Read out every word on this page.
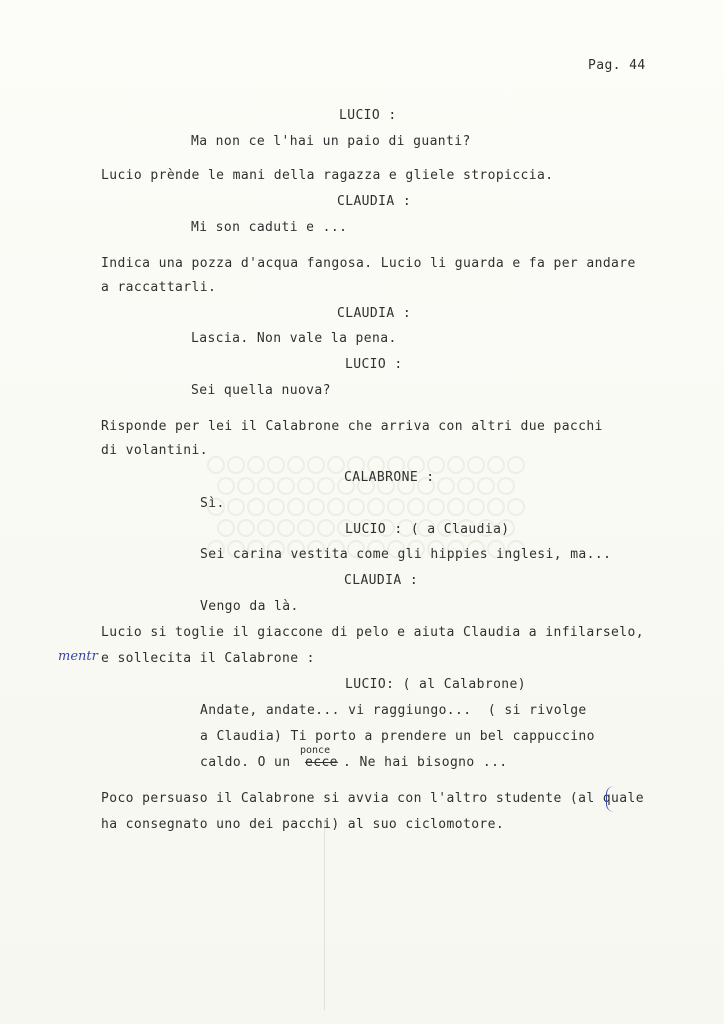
Pag. 44
LUCIO :
Ma non ce l'hai un paio di guanti?
Lucio prènde le mani della ragazza e gliele stropiccia.
CLAUDIA :
Mi son caduti e ...
Indica una pozza d'acqua fangosa. Lucio li guarda e fa per andare
a raccattarli.
CLAUDIA :
Lascia. Non vale la pena.
LUCIO :
Sei quella nuova?
Risponde per lei il Calabrone che arriva con altri due pacchi
di volantini.
CALABRONE :
Sì.
LUCIO : ( a Claudia)
Sei carina vestita come gli hippies inglesi, ma...
CLAUDIA :
Vengo da là.
Lucio si toglie il giaccone di pelo e aiuta Claudia a infilarselo,
mentr e sollecita il Calabrone :
LUCIO: ( al Calabrone)
Andate, andate... vi raggiungo...  ( si rivolge
a Claudia) Ti porto a prendere un bel cappuccino
caldo. O un
ponce
ecce . Ne hai bisogno ...
Poco persuaso il Calabrone si avvia con l'altro studente (al quale
ha consegnato uno dei pacchi) al suo ciclomotore.
